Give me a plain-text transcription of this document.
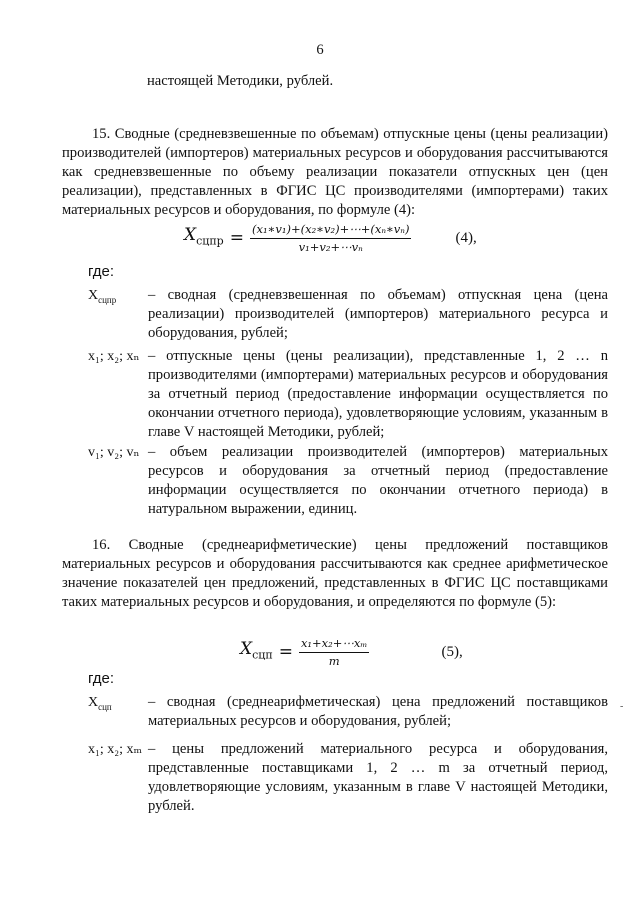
6
настоящей Методики, рублей.
15. Сводные (средневзвешенные по объемам) отпускные цены (цены реализации) производителей (импортеров) материальных ресурсов и оборудования рассчитываются как средневзвешенные по объему реализации показатели отпускных цен (цен реализации), представленных в ФГИС ЦС производителями (импортерами) таких материальных ресурсов и оборудования, по формуле (4):
$X_{сцпр} = \frac{\text{(x₁∗v₁)+(x₂∗v₂)+⋯+(xₙ∗vₙ)}}{\text{v₁+v₂+⋯vₙ}}$	(4),
где:
$Х_{сцпр}$	– сводная (средневзвешенная по объемам) отпускная цена (цена реализации) производителей (импортеров) материального ресурса и оборудования, рублей;
x₁; x₂; xₙ – отпускные цены (цены реализации), представленные 1, 2 … n производителями (импортерами) материальных ресурсов и оборудования за отчетный период (предоставление информации осуществляется по окончании отчетного периода), удовлетворяющие условиям, указанным в главе V настоящей Методики, рублей;
v₁; v₂; vₙ – объем реализации производителей (импортеров) материальных ресурсов и оборудования за отчетный период (предоставление информации осуществляется по окончании отчетного периода) в натуральном выражении, единиц.
16. Сводные (среднеарифметические) цены предложений поставщиков материальных ресурсов и оборудования рассчитываются как среднее арифметическое значение показателей цен предложений, представленных в ФГИС ЦС поставщиками таких материальных ресурсов и оборудования, и определяются по формуле (5):
$X_{сцп} = \frac{\text{x₁+x₂+⋯xₘ}}{m}$	(5),
где:
$Х_{сцп}$	– сводная (среднеарифметическая) цена предложений поставщиков материальных ресурсов и оборудования, рублей;
x₁; x₂; xₘ – цены предложений материального ресурса и оборудования, представленные поставщиками 1, 2 … m за отчетный период, удовлетворяющие условиям, указанным в главе V настоящей Методики, рублей.
-
